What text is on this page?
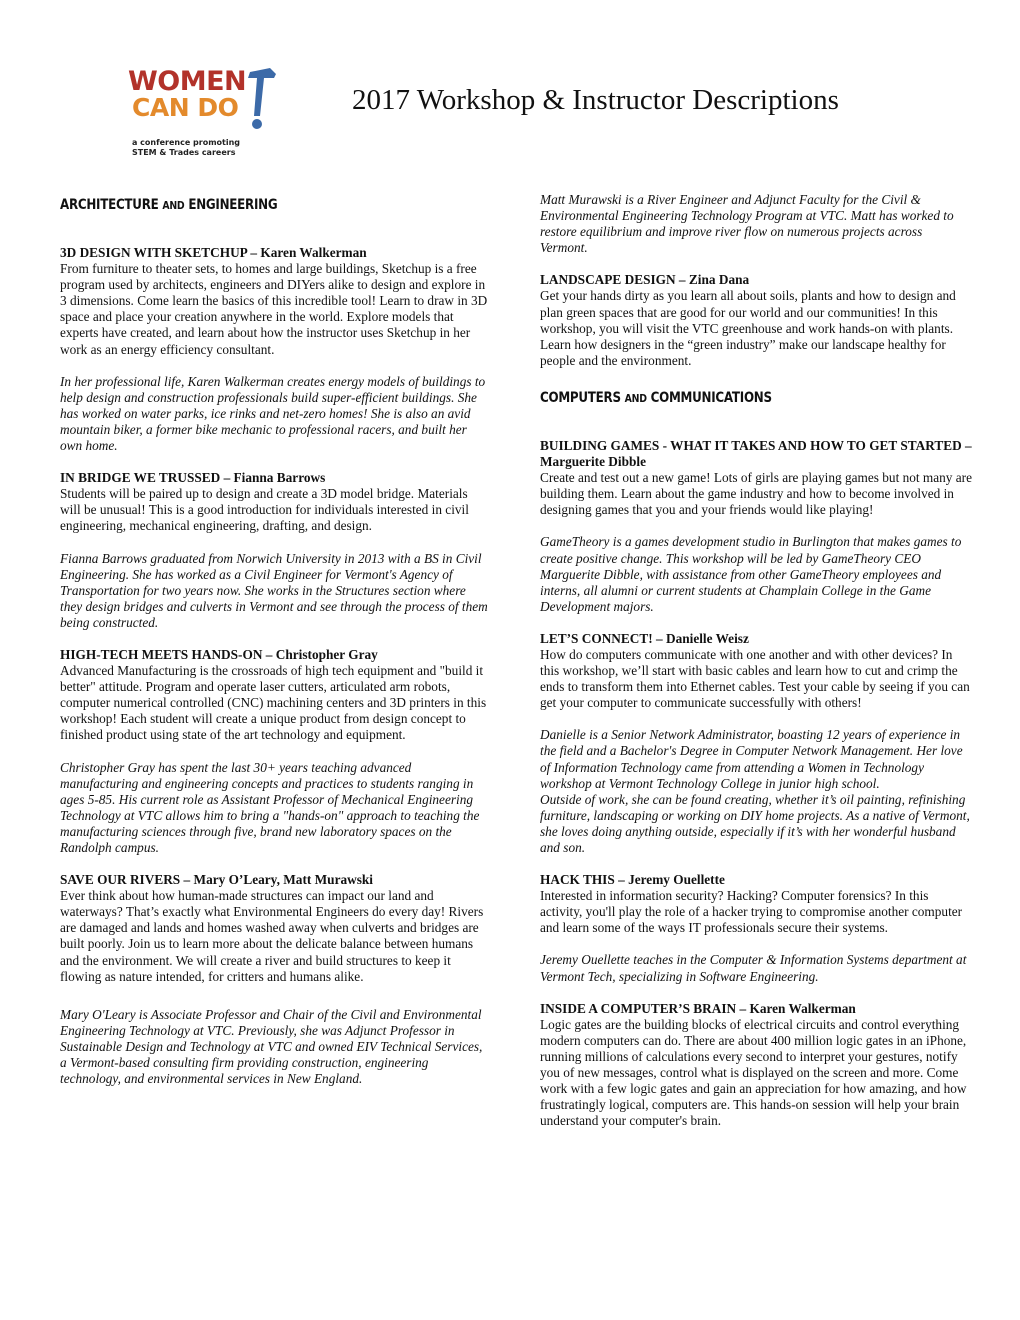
WOMEN
CAN DO
a conference promoting
STEM & Trades careers
2017 Workshop & Instructor Descriptions
ARCHITECTURE AND ENGINEERING

3D DESIGN WITH SKETCHUP – Karen Walkerman

From furniture to theater sets, to homes and large buildings, Sketchup is a free program used by architects, engineers and DIYers alike to design and explore in 3 dimensions. Come learn the basics of this incredible tool! Learn to draw in 3D space and place your creation anywhere in the world. Explore models that experts have created, and learn about how the instructor uses Sketchup in her work as an energy efficiency consultant.

In her professional life, Karen Walkerman creates energy models of buildings to help design and construction professionals build super-efficient buildings. She has worked on water parks, ice rinks and net-zero homes! She is also an avid mountain biker, a former bike mechanic to professional racers, and built her own home.

IN BRIDGE WE TRUSSED – Fianna Barrows

Students will be paired up to design and create a 3D model bridge. Materials will be unusual! This is a good introduction for individuals interested in civil engineering, mechanical engineering, drafting, and design.

Fianna Barrows graduated from Norwich University in 2013 with a BS in Civil Engineering. She has worked as a Civil Engineer for Vermont's Agency of Transportation for two years now. She works in the Structures section where they design bridges and culverts in Vermont and see through the process of them being constructed.

HIGH-TECH MEETS HANDS-ON – Christopher Gray

Advanced Manufacturing is the crossroads of high tech equipment and "build it better" attitude. Program and operate laser cutters, articulated arm robots, computer numerical controlled (CNC) machining centers and 3D printers in this workshop! Each student will create a unique product from design concept to finished product using state of the art technology and equipment.

Christopher Gray has spent the last 30+ years teaching advanced manufacturing and engineering concepts and practices to students ranging in ages 5-85. His current role as Assistant Professor of Mechanical Engineering Technology at VTC allows him to bring a "hands-on" approach to teaching the manufacturing sciences through five, brand new laboratory spaces on the Randolph campus.

SAVE OUR RIVERS – Mary O’Leary, Matt Murawski

Ever think about how human-made structures can impact our land and waterways? That’s exactly what Environmental Engineers do every day! Rivers are damaged and lands and homes washed away when culverts and bridges are built poorly. Join us to learn more about the delicate balance between humans and the environment. We will create a river and build structures to keep it flowing as nature intended, for critters and humans alike.

Mary O'Leary is Associate Professor and Chair of the Civil and Environmental Engineering Technology at VTC. Previously, she was Adjunct Professor in Sustainable Design and Technology at VTC and owned EIV Technical Services, a Vermont-based consulting firm providing construction, engineering technology, and environmental services in New England.

Matt Murawski is a River Engineer and Adjunct Faculty for the Civil & Environmental Engineering Technology Program at VTC. Matt has worked to restore equilibrium and improve river flow on numerous projects across Vermont.

LANDSCAPE DESIGN – Zina Dana

Get your hands dirty as you learn all about soils, plants and how to design and plan green spaces that are good for our world and our communities! In this workshop, you will visit the VTC greenhouse and work hands-on with plants. Learn how designers in the “green industry” make our landscape healthy for people and the environment.

COMPUTERS AND COMMUNICATIONS

BUILDING GAMES - WHAT IT TAKES AND HOW TO GET STARTED – Marguerite Dibble

Create and test out a new game! Lots of girls are playing games but not many are building them. Learn about the game industry and how to become involved in designing games that you and your friends would like playing!

GameTheory is a games development studio in Burlington that makes games to create positive change. This workshop will be led by GameTheory CEO Marguerite Dibble, with assistance from other GameTheory employees and interns, all alumni or current students at Champlain College in the Game Development majors.

LET’S CONNECT! – Danielle Weisz

How do computers communicate with one another and with other devices? In this workshop, we’ll start with basic cables and learn how to cut and crimp the ends to transform them into Ethernet cables. Test your cable by seeing if you can get your computer to communicate successfully with others!

Danielle is a Senior Network Administrator, boasting 12 years of experience in the field and a Bachelor's Degree in Computer Network Management. Her love of Information Technology came from attending a Women in Technology workshop at Vermont Technology College in junior high school.

Outside of work, she can be found creating, whether it’s oil painting, refinishing furniture, landscaping or working on DIY home projects. As a native of Vermont, she loves doing anything outside, especially if it’s with her wonderful husband and son.

HACK THIS – Jeremy Ouellette

Interested in information security? Hacking? Computer forensics? In this activity, you'll play the role of a hacker trying to compromise another computer and learn some of the ways IT professionals secure their systems.

Jeremy Ouellette teaches in the Computer & Information Systems department at Vermont Tech, specializing in Software Engineering.

INSIDE A COMPUTER’S BRAIN – Karen Walkerman

Logic gates are the building blocks of electrical circuits and control everything modern computers can do. There are about 400 million logic gates in an iPhone, running millions of calculations every second to interpret your gestures, notify you of new messages, control what is displayed on the screen and more. Come work with a few logic gates and gain an appreciation for how amazing, and how frustratingly logical, computers are. This hands-on session will help your brain understand your computer's brain.
